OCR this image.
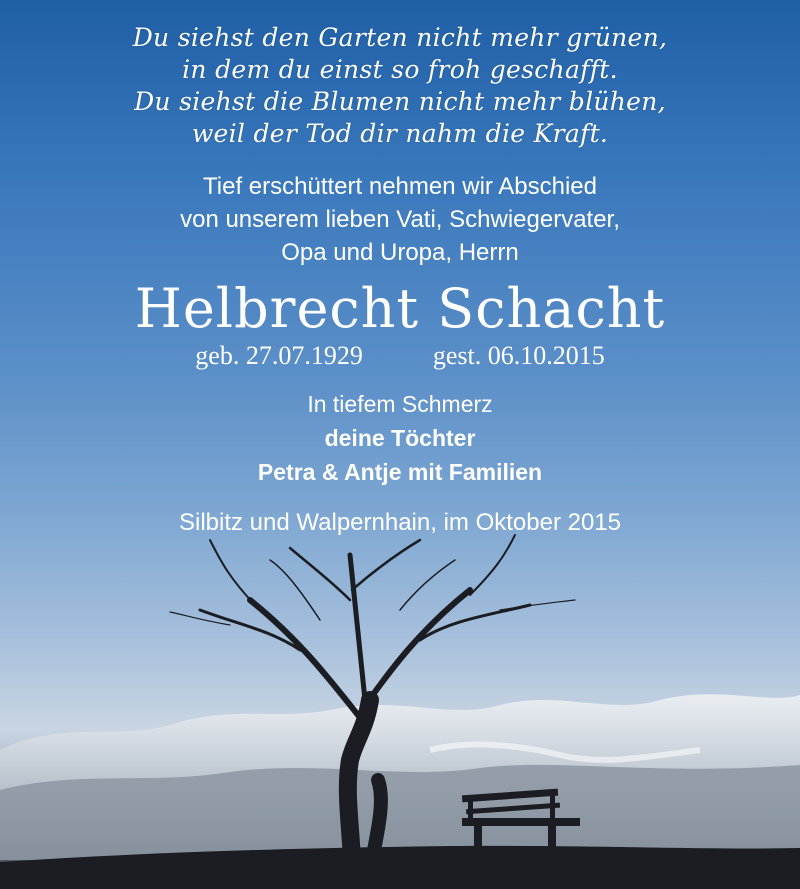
Du siehst den Garten nicht mehr grünen,
in dem du einst so froh geschafft.
Du siehst die Blumen nicht mehr blühen,
weil der Tod dir nahm die Kraft.
Tief erschüttert nehmen wir Abschied
von unserem lieben Vati, Schwiegervater,
Opa und Uropa, Herrn
Helbrecht Schacht
geb. 27.07.1929	gest. 06.10.2015
In tiefem Schmerz
deine Töchter
Petra & Antje mit Familien
Silbitz und Walpernhain, im Oktober 2015
